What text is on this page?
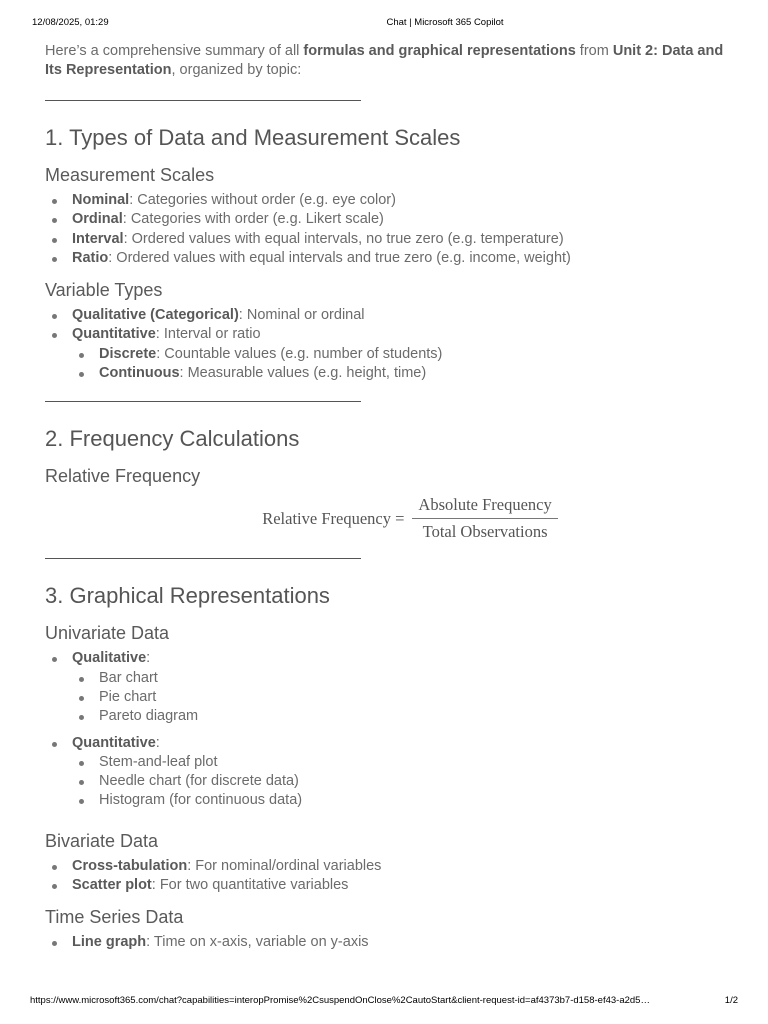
12/08/2025, 01:29	Chat | Microsoft 365 Copilot

Here’s a comprehensive summary of all formulas and graphical representations from Unit 2: Data and Its Representation, organized by topic:

1. Types of Data and Measurement Scales
Measurement Scales
Nominal: Categories without order (e.g. eye color)
Ordinal: Categories with order (e.g. Likert scale)
Interval: Ordered values with equal intervals, no true zero (e.g. temperature)
Ratio: Ordered values with equal intervals and true zero (e.g. income, weight)
Variable Types
Qualitative (Categorical): Nominal or ordinal
Quantitative: Interval or ratio
Discrete: Countable values (e.g. number of students)
Continuous: Measurable values (e.g. height, time)
2. Frequency Calculations
Relative Frequency
Relative Frequency = $\frac{\text{Absolute Frequency}}{\text{Total Observations}}$
3. Graphical Representations
Univariate Data
Qualitative:
Bar chart
Pie chart
Pareto diagram
Quantitative:
Stem-and-leaf plot
Needle chart (for discrete data)
Histogram (for continuous data)
Bivariate Data
Cross-tabulation: For nominal/ordinal variables
Scatter plot: For two quantitative variables
Time Series Data
Line graph: Time on x-axis, variable on y-axis
https://www.microsoft365.com/chat?capabilities=interopPromise%2CsuspendOnClose%2CautoStart&client-request-id=af4373b7-d158-ef43-a2d5…	1/2
